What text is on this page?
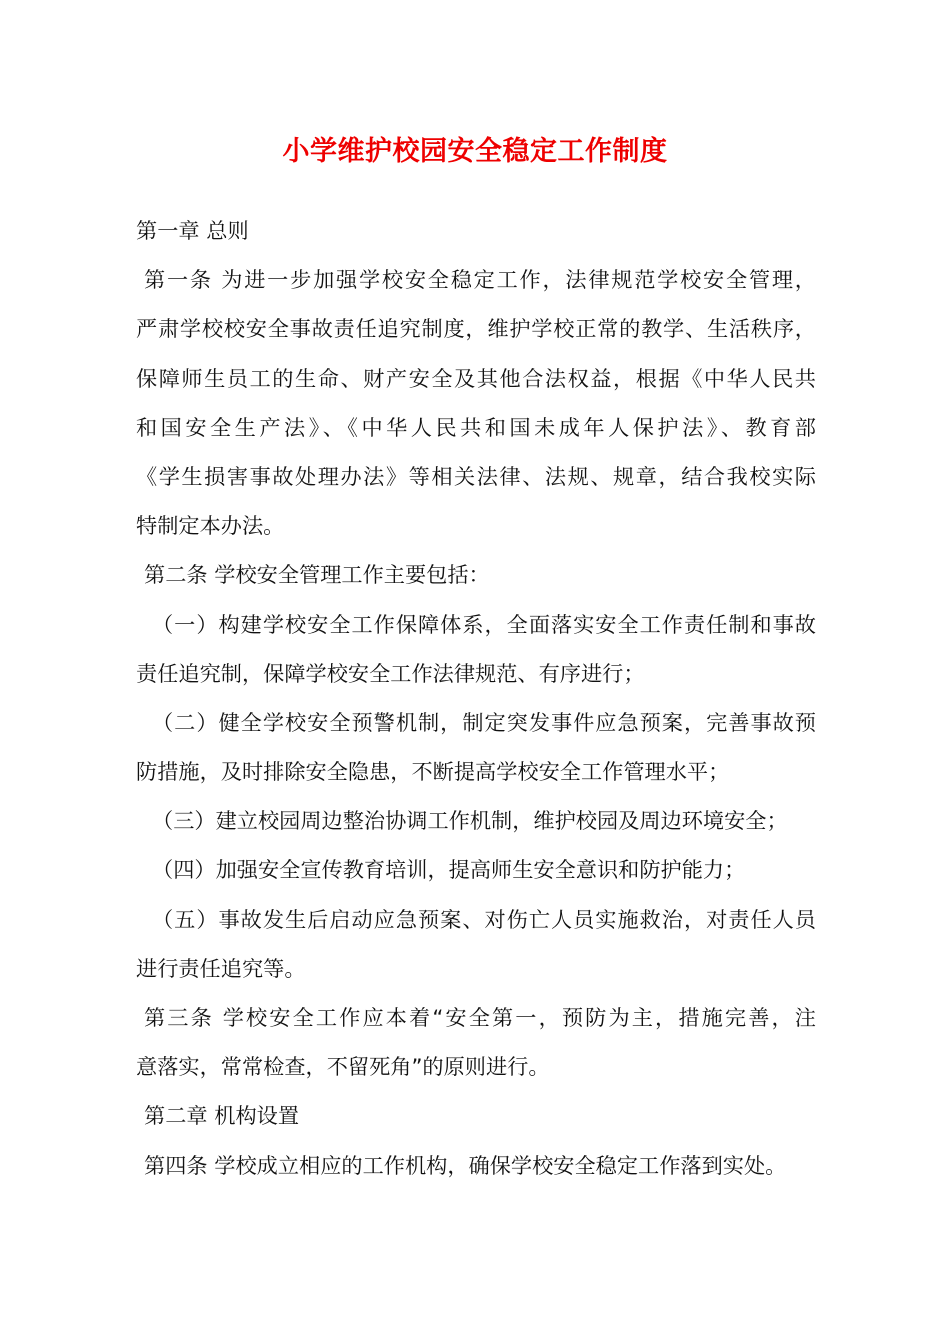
小学维护校园安全稳定工作制度
第一章 总则
第一条 为进一步加强学校安全稳定工作，法律规范学校安全管理，
严肃学校校安全事故责任追究制度，维护学校正常的教学、生活秩序，
保障师生员工的生命、财产安全及其他合法权益，根据《中华人民共
和国安全生产法》、《中华人民共和国未成年人保护法》、教育部
《学生损害事故处理办法》等相关法律、法规、规章，结合我校实际
特制定本办法。
第二条 学校安全管理工作主要包括：
（一）构建学校安全工作保障体系，全面落实安全工作责任制和事故
责任追究制，保障学校安全工作法律规范、有序进行；
（二）健全学校安全预警机制，制定突发事件应急预案，完善事故预
防措施，及时排除安全隐患，不断提高学校安全工作管理水平；
（三）建立校园周边整治协调工作机制，维护校园及周边环境安全；
（四）加强安全宣传教育培训，提高师生安全意识和防护能力；
（五）事故发生后启动应急预案、对伤亡人员实施救治，对责任人员
进行责任追究等。
第三条 学校安全工作应本着“安全第一，预防为主，措施完善，注
意落实，常常检查，不留死角”的原则进行。
第二章 机构设置
第四条 学校成立相应的工作机构，确保学校安全稳定工作落到实处。
